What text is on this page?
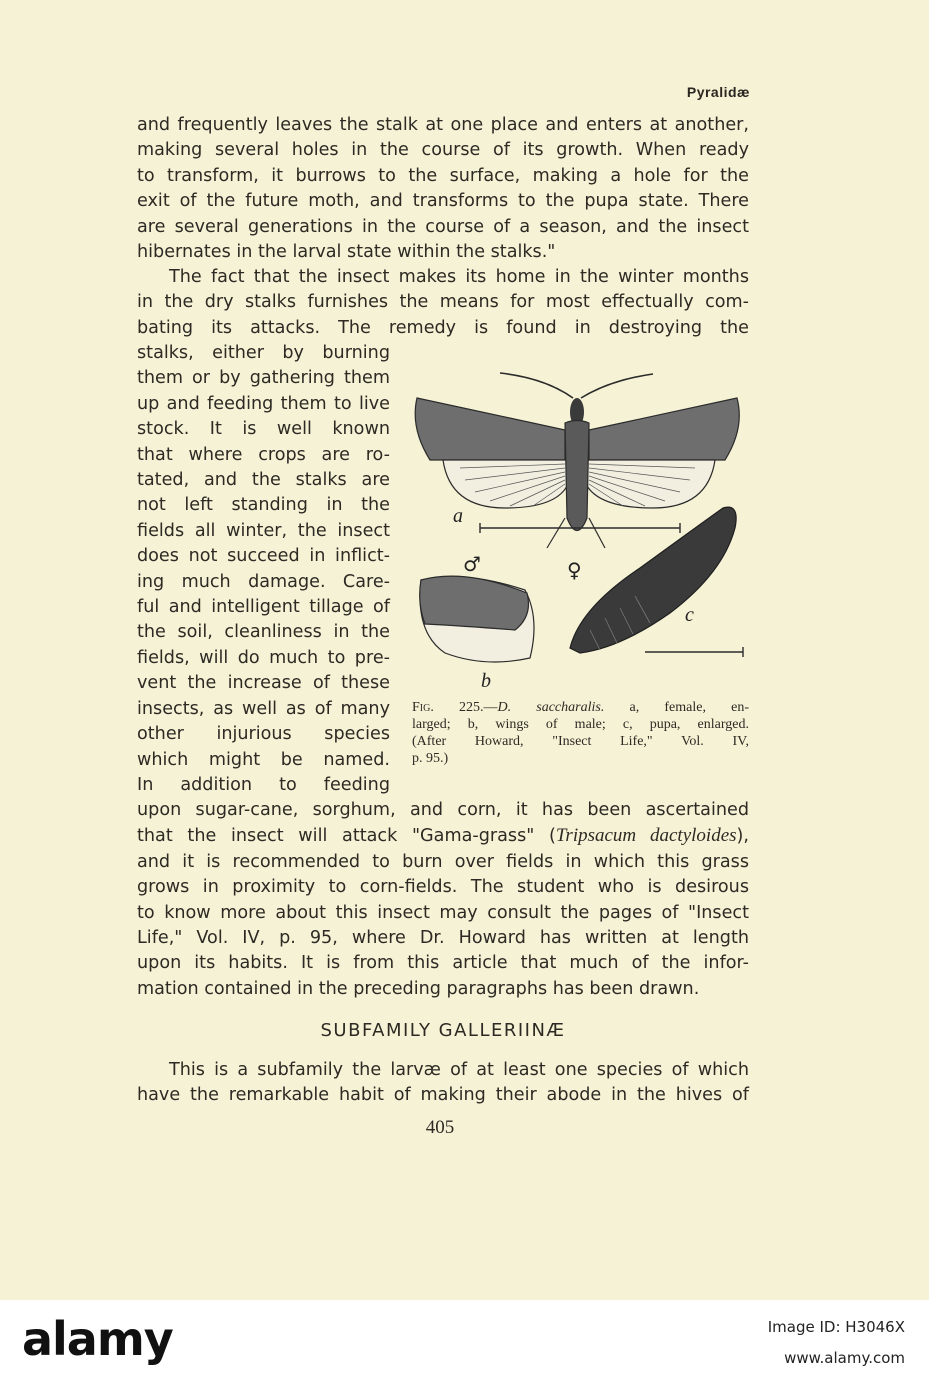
Pyralidæ
and frequently leaves the stalk at one place and enters at another,
making several holes in the course of its growth. When ready
to transform, it burrows to the surface, making a hole for the
exit of the future moth, and transforms to the pupa state. There
are several generations in the course of a season, and the insect
hibernates in the larval state within the stalks."
The fact that the insect makes its home in the winter months
in the dry stalks furnishes the means for most effectually com-
bating its attacks. The remedy is found in destroying the
stalks, either by burning
them or by gathering them
up and feeding them to live
stock. It is well known
that where crops are ro-
tated, and the stalks are
not left standing in the
fields all winter, the insect
does not succeed in inflict-
ing much damage. Care-
ful and intelligent tillage of
the soil, cleanliness in the
fields, will do much to pre-
vent the increase of these
insects, as well as of many
other injurious species
which might be named.
In addition to feeding
upon sugar-cane, sorghum, and corn, it has been ascertained
that the insect will attack "Gama-grass" (Tripsacum dactyloides),
and it is recommended to burn over fields in which this grass
grows in proximity to corn-fields. The student who is desirous
to know more about this insect may consult the pages of "Insect
Life," Vol. IV, p. 95, where Dr. Howard has written at length
upon its habits. It is from this article that much of the infor-
mation contained in the preceding paragraphs has been drawn.
SUBFAMILY GALLERIINÆ
This is a subfamily the larvæ of at least one species of which
have the remarkable habit of making their abode in the hives of
a
b
c
♂	♀
Fig. 225.—D. saccharalis. a, female, en-
larged; b, wings of male; c, pupa, enlarged.
(After Howard, "Insect Life," Vol. IV,
p. 95.)
405
alamy	Image ID: H3046X
www.alamy.com
